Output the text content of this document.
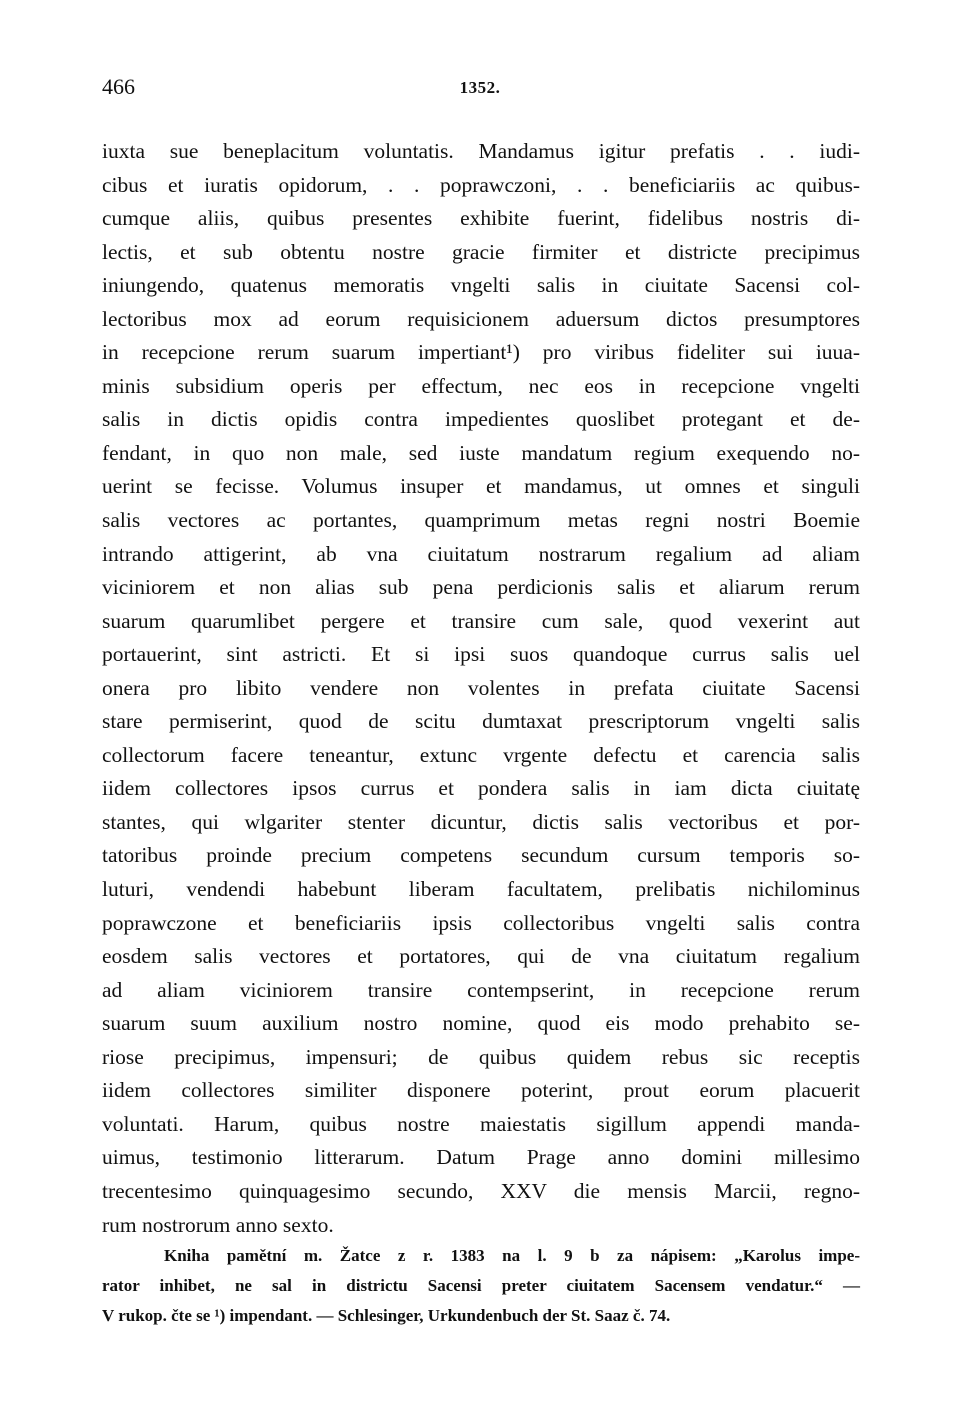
466	1352.
iuxta sue beneplacitum voluntatis. Mandamus igitur prefatis . . iudi-
cibus et iuratis opidorum, . . poprawczoni, . . beneficiariis ac quibus-
cumque aliis, quibus presentes exhibite fuerint, fidelibus nostris di-
lectis, et sub obtentu nostre gracie firmiter et districte precipimus
iniungendo, quatenus memoratis vngelti salis in ciuitate Sacensi col-
lectoribus mox ad eorum requisicionem aduersum dictos presumptores
in recepcione rerum suarum impertiant¹) pro viribus fideliter sui iuua-
minis subsidium operis per effectum, nec eos in recepcione vngelti
salis in dictis opidis contra impedientes quoslibet protegant et de-
fendant, in quo non male, sed iuste mandatum regium exequendo no-
uerint se fecisse. Volumus insuper et mandamus, ut omnes et singuli
salis vectores ac portantes, quamprimum metas regni nostri Boemie
intrando attigerint, ab vna ciuitatum nostrarum regalium ad aliam
viciniorem et non alias sub pena perdicionis salis et aliarum rerum
suarum quarumlibet pergere et transire cum sale, quod vexerint aut
portauerint, sint astricti. Et si ipsi suos quandoque currus salis uel
onera pro libito vendere non volentes in prefata ciuitate Sacensi
stare permiserint, quod de scitu dumtaxat prescriptorum vngelti salis
collectorum facere teneantur, extunc vrgente defectu et carencia salis
iidem collectores ipsos currus et pondera salis in iam dicta ciuitatę
stantes, qui wlgariter stenter dicuntur, dictis salis vectoribus et por-
tatoribus proinde precium competens secundum cursum temporis so-
luturi, vendendi habebunt liberam facultatem, prelibatis nichilominus
poprawczone et beneficiariis ipsis collectoribus vngelti salis contra
eosdem salis vectores et portatores, qui de vna ciuitatum regalium
ad aliam viciniorem transire contempserint, in recepcione rerum
suarum suum auxilium nostro nomine, quod eis modo prehabito se-
riose precipimus, impensuri; de quibus quidem rebus sic receptis
iidem collectores similiter disponere poterint, prout eorum placuerit
voluntati. Harum, quibus nostre maiestatis sigillum appendi manda-
uimus, testimonio litterarum. Datum Prage anno domini millesimo
trecentesimo quinquagesimo secundo, XXV die mensis Marcii, regno-
rum nostrorum anno sexto.
Kniha pamětní m. Žatce z r. 1383 na l. 9 b za nápisem: „Karolus impe-
rator inhibet, ne sal in districtu Sacensi preter ciuitatem Sacensem vendatur.“ —
V rukop. čte se ¹) impendant. — Schlesinger, Urkundenbuch der St. Saaz č. 74.
